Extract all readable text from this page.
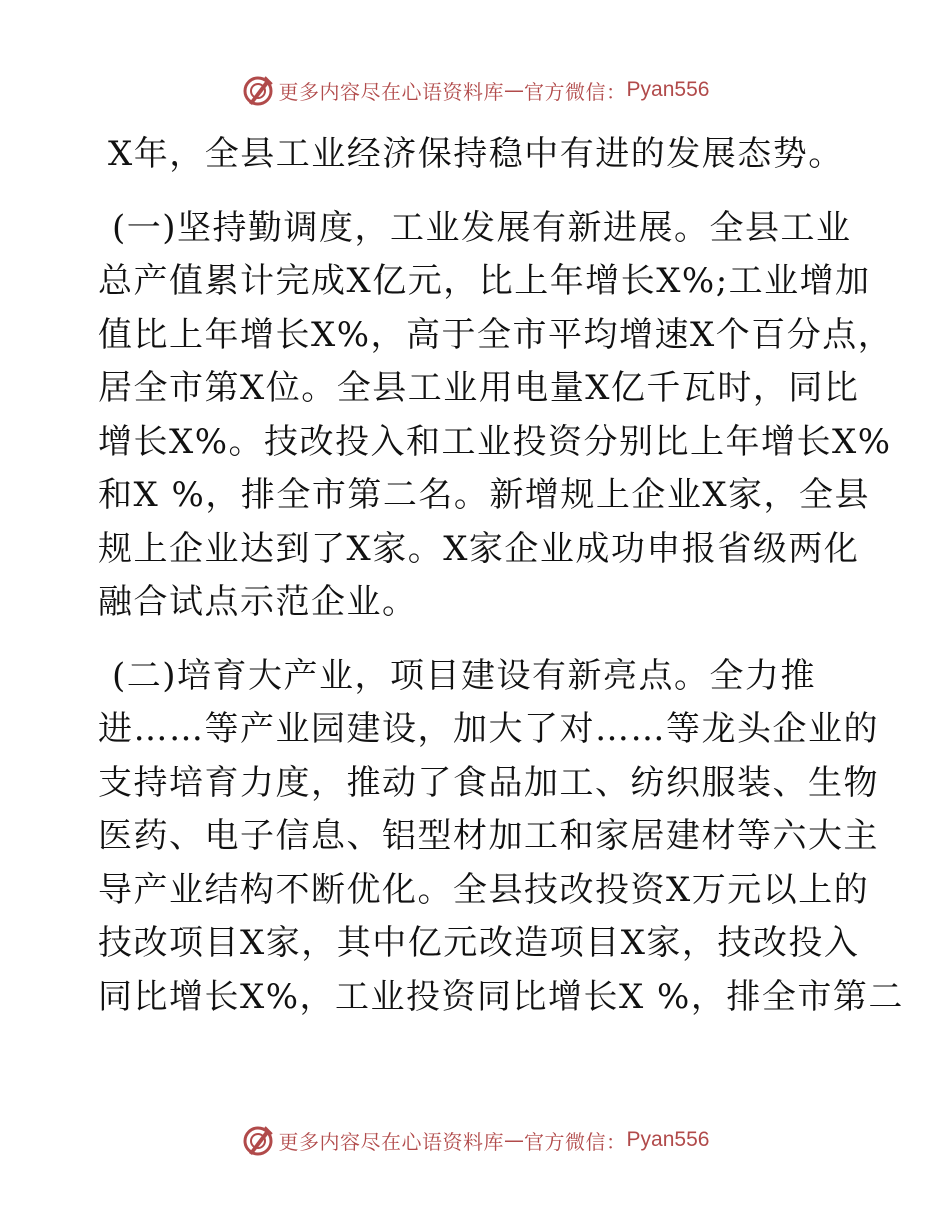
更多内容尽在心语资料库 — 官方微信： Pyan556
X年，全县工业经济保持稳中有进的发展态势。
(一)坚持勤调度，工业发展有新进展。全县工业
总产值累计完成X亿元，比上年增长X%;工业增加
值比上年增长X%，高于全市平均增速X个百分点，
居全市第X位。全县工业用电量X亿千瓦时，同比
增长X%。技改投入和工业投资分别比上年增长X%
和X %，排全市第二名。新增规上企业X家，全县
规上企业达到了X家。X家企业成功申报省级两化
融合试点示范企业。
(二)培育大产业，项目建设有新亮点。全力推
进……等产业园建设，加大了对……等龙头企业的
支持培育力度，推动了食品加工、纺织服装、生物
医药、电子信息、铝型材加工和家居建材等六大主
导产业结构不断优化。全县技改投资X万元以上的
技改项目X家，其中亿元改造项目X家，技改投入
同比增长X%，工业投资同比增长X %，排全市第二
更多内容尽在心语资料库 — 官方微信： Pyan556
